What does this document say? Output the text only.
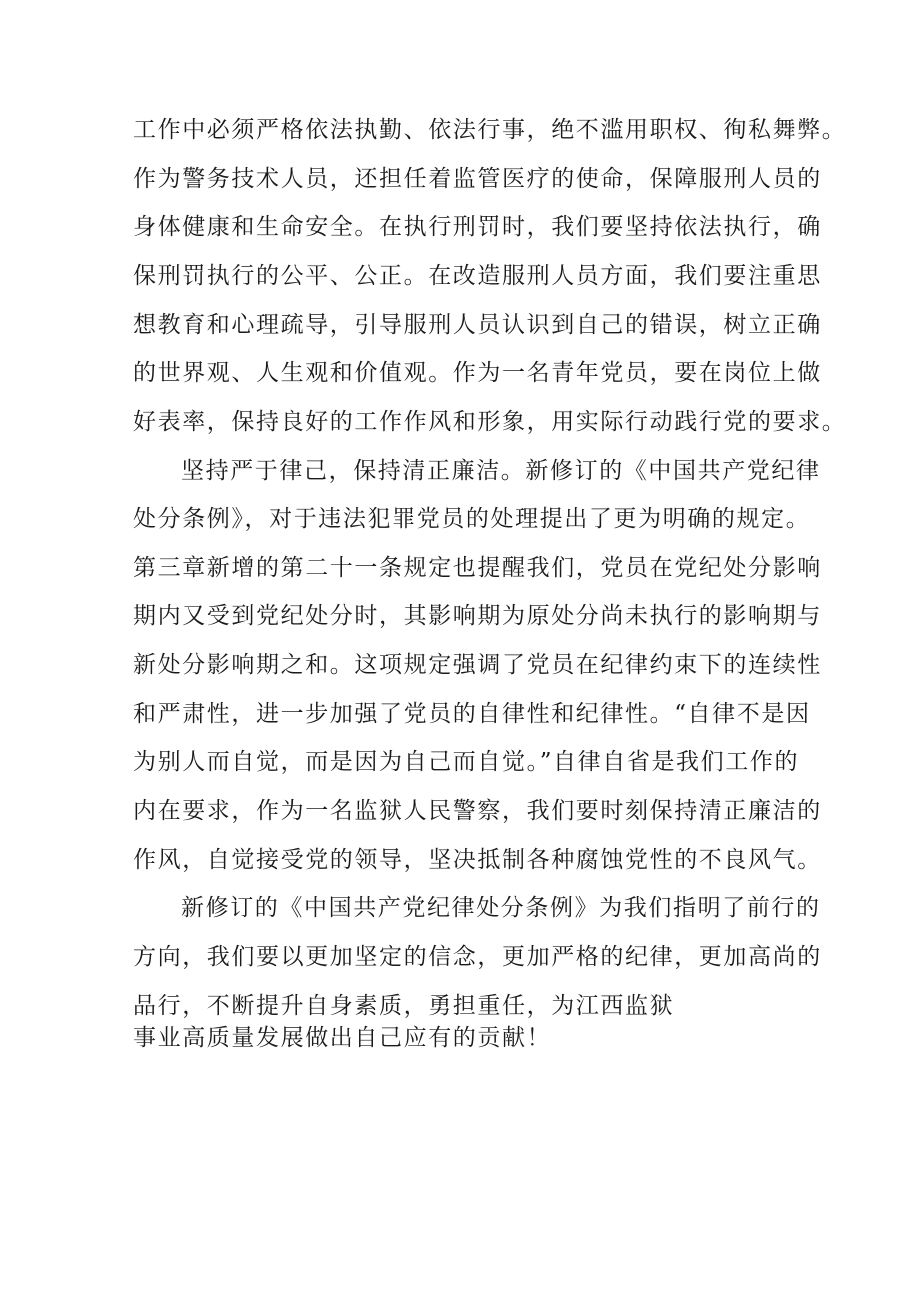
工作中必须严格依法执勤、依法行事，绝不滥用职权、徇私舞弊。

作为警务技术人员，还担任着监管医疗的使命，保障服刑人员的

身体健康和生命安全。在执行刑罚时，我们要坚持依法执行，确

保刑罚执行的公平、公正。在改造服刑人员方面，我们要注重思

想教育和心理疏导，引导服刑人员认识到自己的错误，树立正确

的世界观、人生观和价值观。作为一名青年党员，要在岗位上做

好表率，保持良好的工作作风和形象，用实际行动践行党的要求。

坚持严于律己，保持清正廉洁。新修订的《中国共产党纪律

处分条例》，对于违法犯罪党员的处理提出了更为明确的规定。

第三章新增的第二十一条规定也提醒我们，党员在党纪处分影响

期内又受到党纪处分时，其影响期为原处分尚未执行的影响期与

新处分影响期之和。这项规定强调了党员在纪律约束下的连续性

和严肃性，进一步加强了党员的自律性和纪律性。“自律不是因

为别人而自觉，而是因为自己而自觉。”自律自省是我们工作的

内在要求，作为一名监狱人民警察，我们要时刻保持清正廉洁的

作风，自觉接受党的领导，坚决抵制各种腐蚀党性的不良风气。

新修订的《中国共产党纪律处分条例》为我们指明了前行的

方向，我们要以更加坚定的信念，更加严格的纪律，更加高尚的

品行，不断提升自身素质，勇担重任，为江西监狱

事业高质量发展做出自己应有的贡献！
